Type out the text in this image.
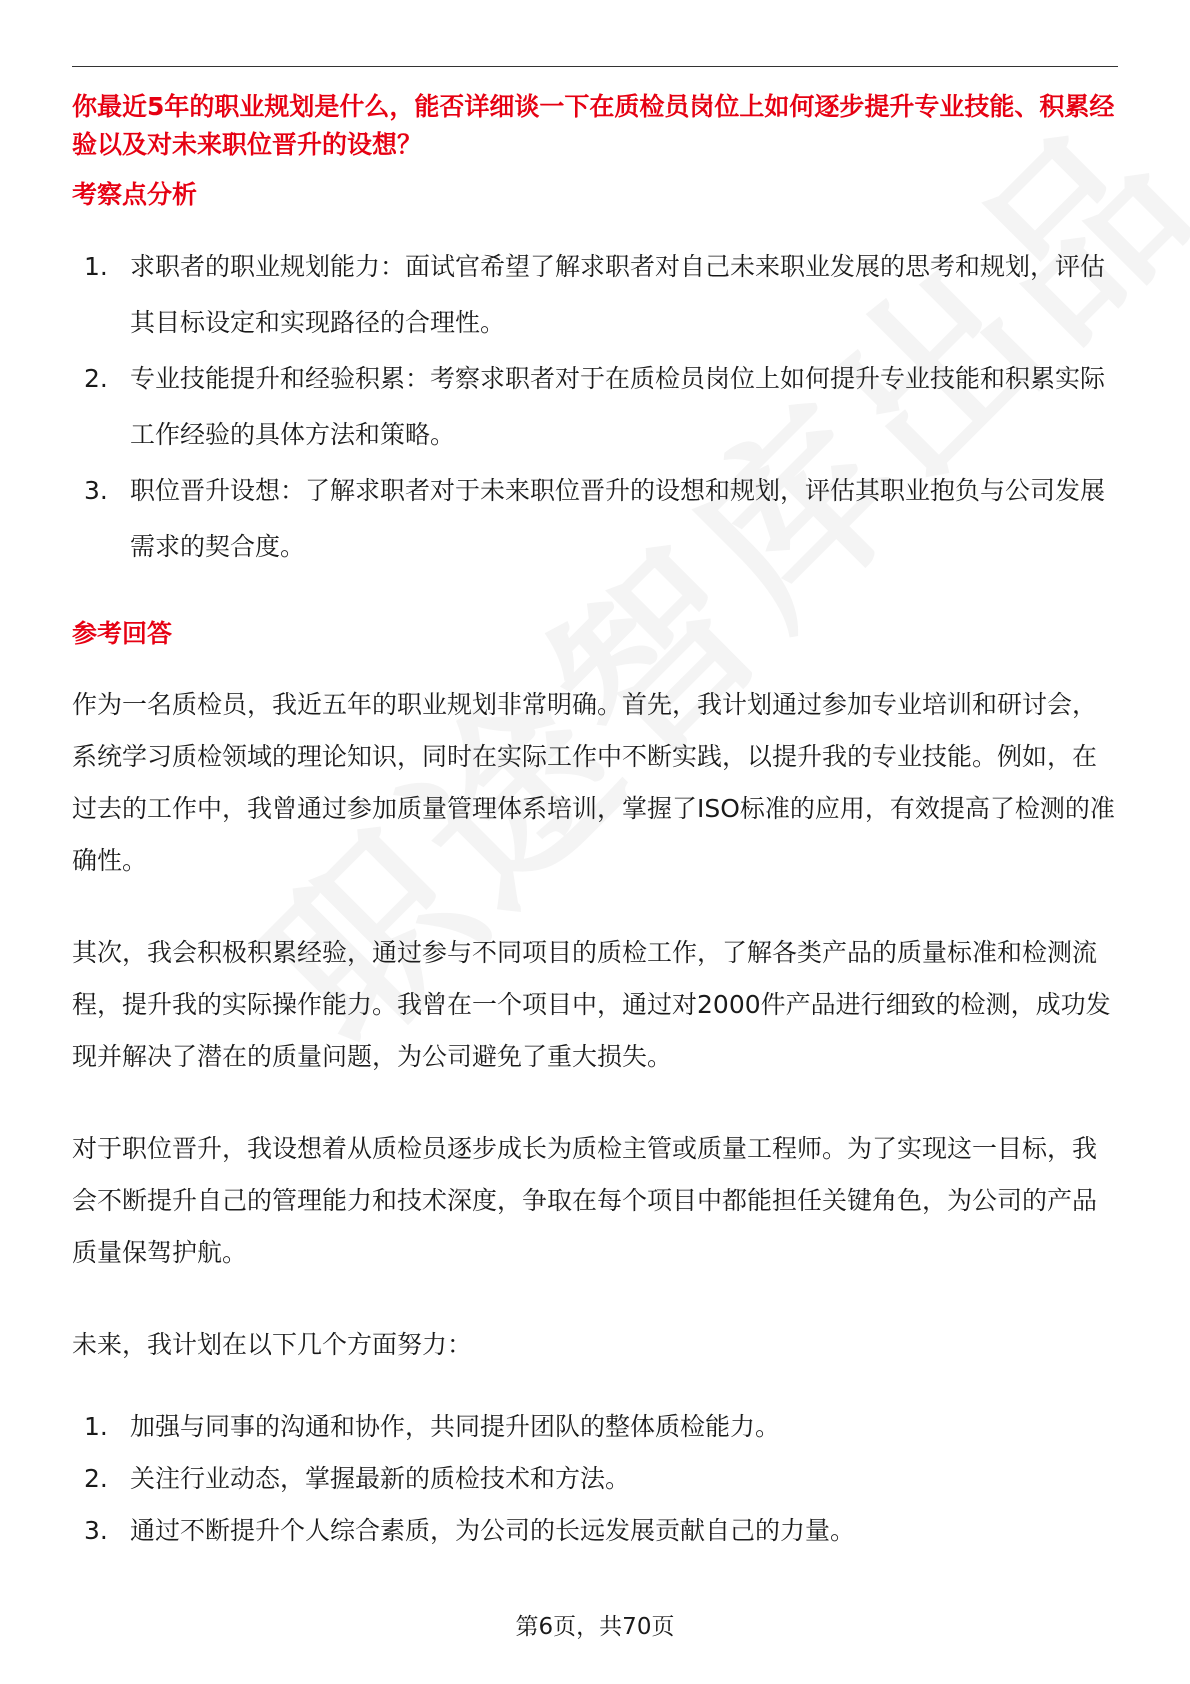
你最近5年的职业规划是什么，能否详细谈一下在质检员岗位上如何逐步提升专业技能、积累经验以及对未来职位晋升的设想？

考察点分析

1. 求职者的职业规划能力：面试官希望了解求职者对自己未来职业发展的思考和规划，评估其目标设定和实现路径的合理性。
2. 专业技能提升和经验积累：考察求职者对于在质检员岗位上如何提升专业技能和积累实际工作经验的具体方法和策略。
3. 职位晋升设想：了解求职者对于未来职位晋升的设想和规划，评估其职业抱负与公司发展需求的契合度。

参考回答

作为一名质检员，我近五年的职业规划非常明确。首先，我计划通过参加专业培训和研讨会，系统学习质检领域的理论知识，同时在实际工作中不断实践，以提升我的专业技能。例如，在过去的工作中，我曾通过参加质量管理体系培训，掌握了ISO标准的应用，有效提高了检测的准确性。

其次，我会积极积累经验，通过参与不同项目的质检工作，了解各类产品的质量标准和检测流程，提升我的实际操作能力。我曾在一个项目中，通过对2000件产品进行细致的检测，成功发现并解决了潜在的质量问题，为公司避免了重大损失。

对于职位晋升，我设想着从质检员逐步成长为质检主管或质量工程师。为了实现这一目标，我会不断提升自己的管理能力和技术深度，争取在每个项目中都能担任关键角色，为公司的产品质量保驾护航。

未来，我计划在以下几个方面努力：

1. 加强与同事的沟通和协作，共同提升团队的整体质检能力。
2. 关注行业动态，掌握最新的质检技术和方法。
3. 通过不断提升个人综合素质，为公司的长远发展贡献自己的力量。
第6页，共70页
